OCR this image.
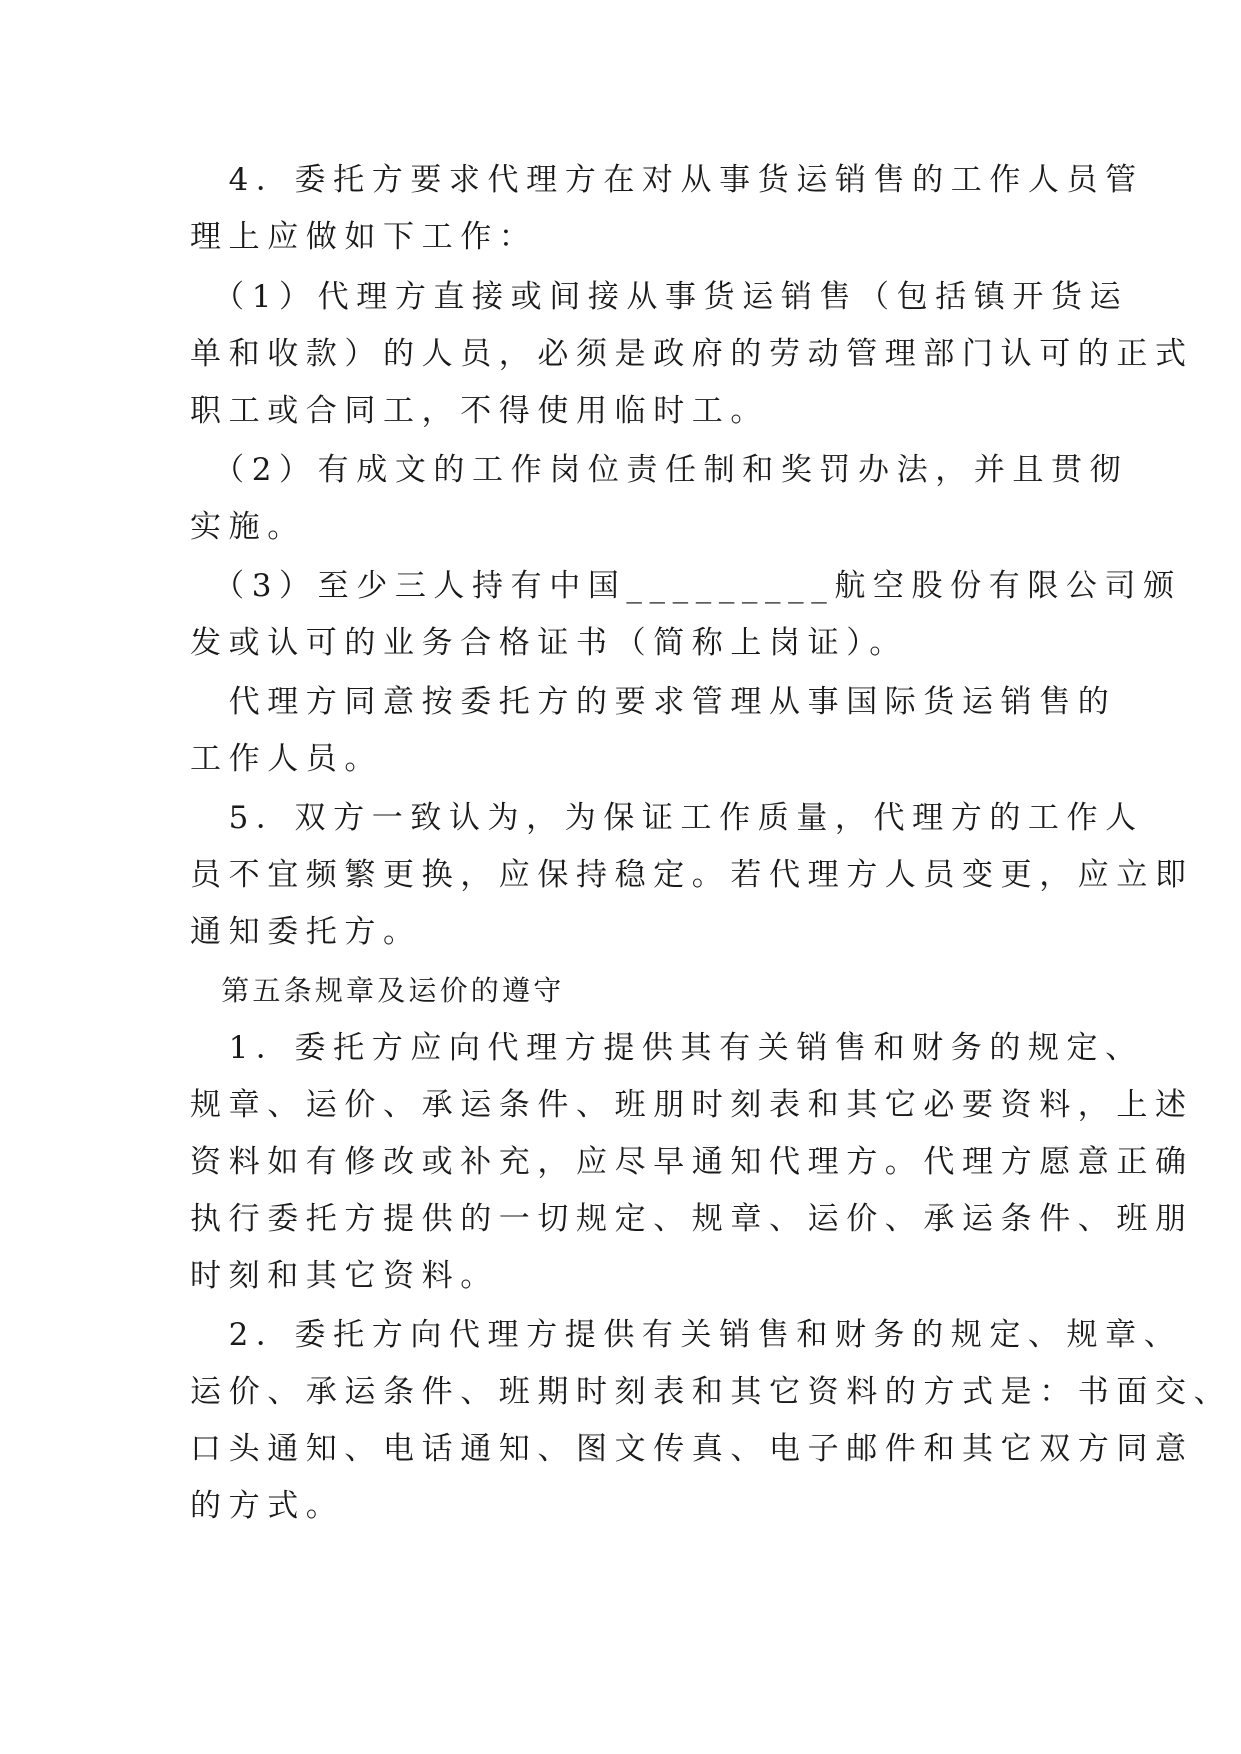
　4．委托方要求代理方在对从事货运销售的工作人员管
理上应做如下工作：
　（1）代理方直接或间接从事货运销售（包括镇开货运
单和收款）的人员，必须是政府的劳动管理部门认可的正式
职工或合同工，不得使用临时工。
　（2）有成文的工作岗位责任制和奖罚办法，并且贯彻
实施。
　（3）至少三人持有中国_________航空股份有限公司颁
发或认可的业务合格证书（简称上岗证）。
　代理方同意按委托方的要求管理从事国际货运销售的
工作人员。
　5．双方一致认为，为保证工作质量，代理方的工作人
员不宜频繁更换，应保持稳定。若代理方人员变更，应立即
通知委托方。
　第五条规章及运价的遵守
　1．委托方应向代理方提供其有关销售和财务的规定、
规章、运价、承运条件、班朋时刻表和其它必要资料，上述
资料如有修改或补充，应尽早通知代理方。代理方愿意正确
执行委托方提供的一切规定、规章、运价、承运条件、班朋
时刻和其它资料。
　2．委托方向代理方提供有关销售和财务的规定、规章、
运价、承运条件、班期时刻表和其它资料的方式是：书面交、
口头通知、电话通知、图文传真、电子邮件和其它双方同意
的方式。
